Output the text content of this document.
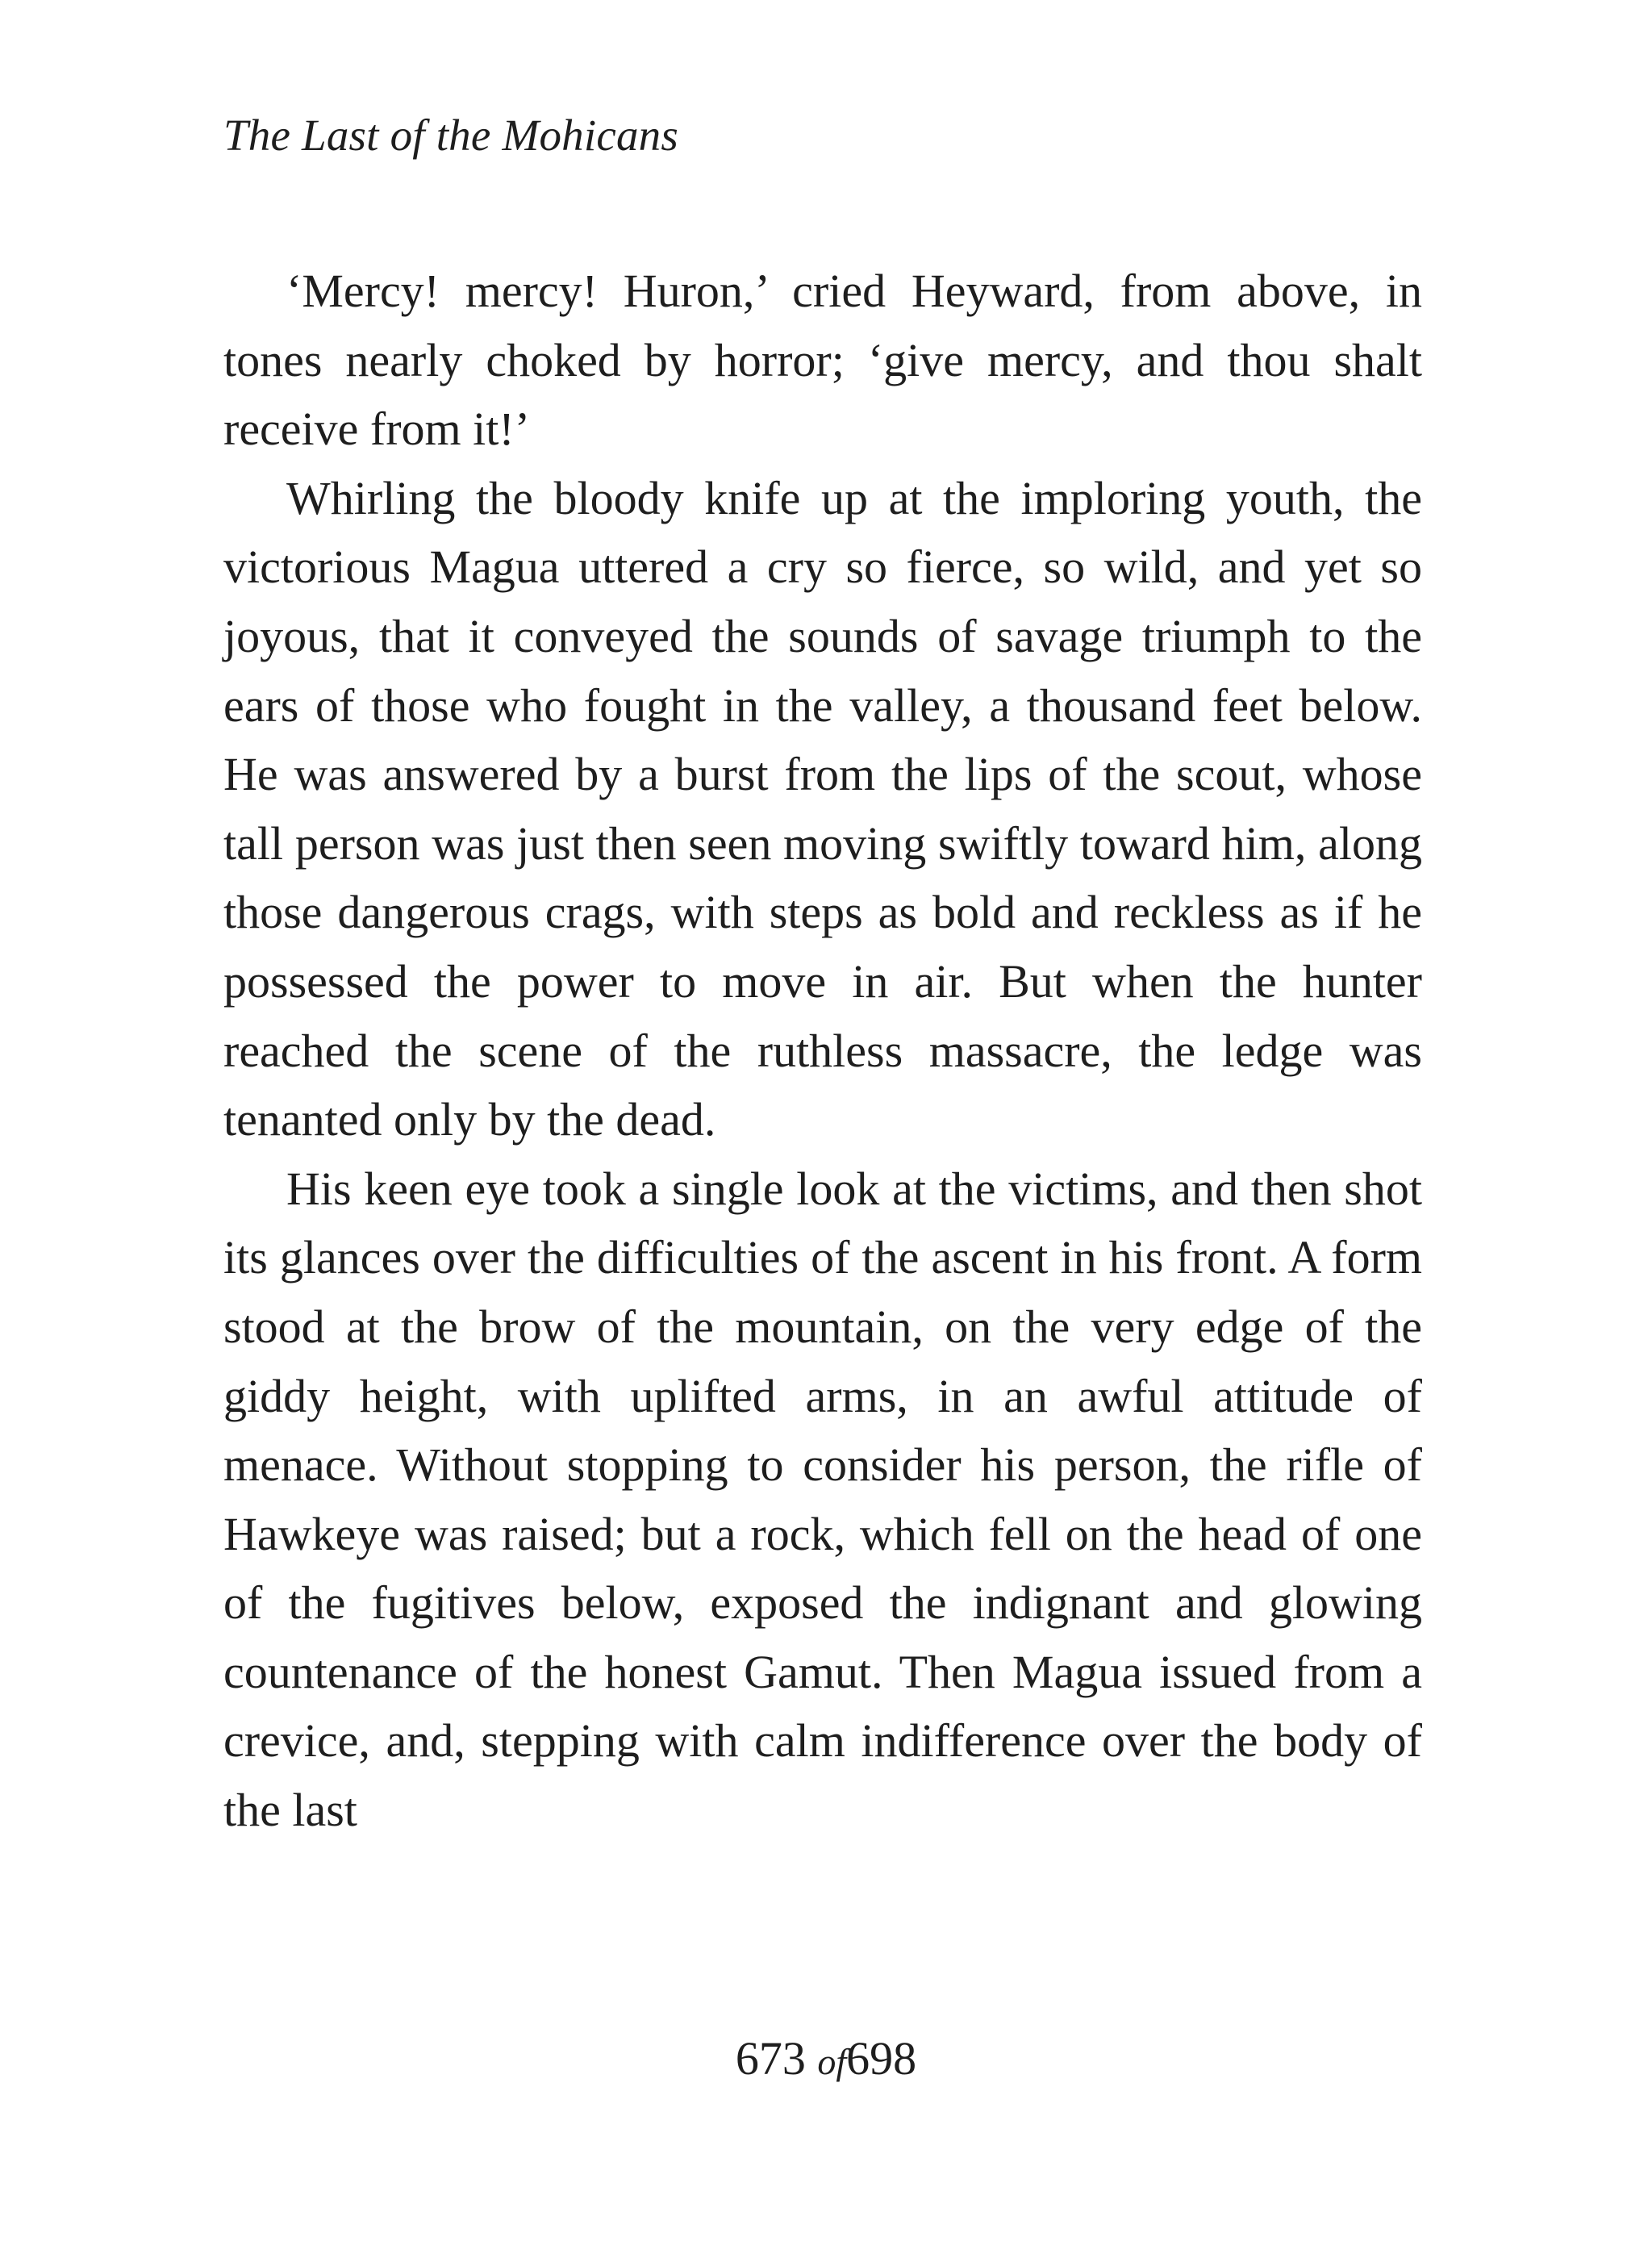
The Last of the Mohicans

‘Mercy! mercy! Huron,’ cried Heyward, from above, in tones nearly choked by horror; ‘give mercy, and thou shalt receive from it!’

Whirling the bloody knife up at the imploring youth, the victorious Magua uttered a cry so fierce, so wild, and yet so joyous, that it conveyed the sounds of savage triumph to the ears of those who fought in the valley, a thousand feet below. He was answered by a burst from the lips of the scout, whose tall person was just then seen moving swiftly toward him, along those dangerous crags, with steps as bold and reckless as if he possessed the power to move in air. But when the hunter reached the scene of the ruthless massacre, the ledge was tenanted only by the dead.

His keen eye took a single look at the victims, and then shot its glances over the difficulties of the ascent in his front. A form stood at the brow of the mountain, on the very edge of the giddy height, with uplifted arms, in an awful attitude of menace. Without stopping to consider his person, the rifle of Hawkeye was raised; but a rock, which fell on the head of one of the fugitives below, exposed the indignant and glowing countenance of the honest Gamut. Then Magua issued from a crevice, and, stepping with calm indifference over the body of the last

673 of698
